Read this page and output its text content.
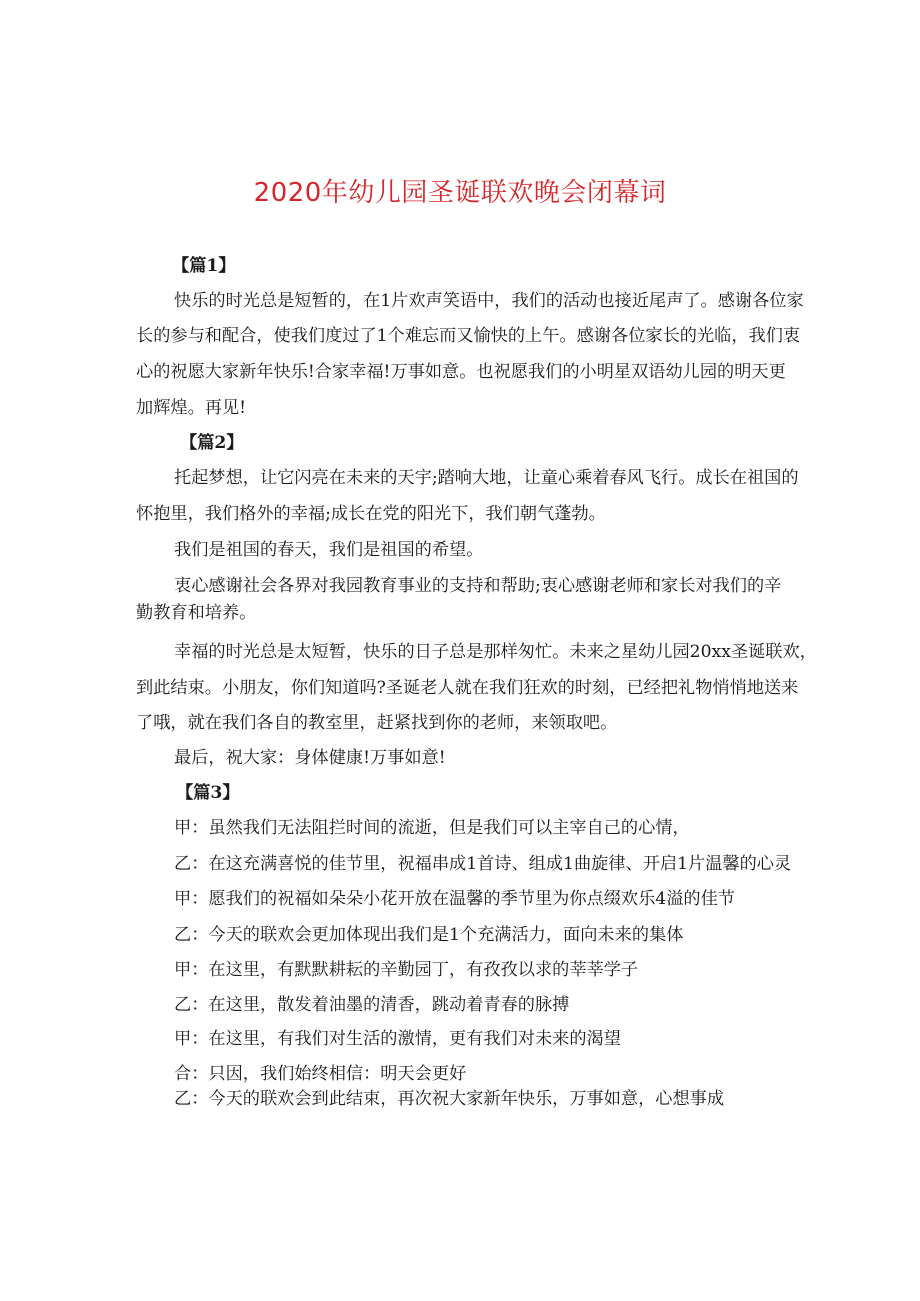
2020年幼儿园圣诞联欢晚会闭幕词
【篇1】
快乐的时光总是短暂的，在1片欢声笑语中，我们的活动也接近尾声了。感谢各位家
长的参与和配合，使我们度过了1个难忘而又愉快的上午。感谢各位家长的光临，我们衷
心的祝愿大家新年快乐!合家幸福!万事如意。也祝愿我们的小明星双语幼儿园的明天更
加辉煌。再见!
【篇2】
托起梦想，让它闪亮在未来的天宇;踏响大地，让童心乘着春风飞行。成长在祖国的
怀抱里，我们格外的幸福;成长在党的阳光下，我们朝气蓬勃。
我们是祖国的春天，我们是祖国的希望。
衷心感谢社会各界对我园教育事业的支持和帮助;衷心感谢老师和家长对我们的辛
勤教育和培养。
幸福的时光总是太短暂，快乐的日子总是那样匆忙。未来之星幼儿园20xx圣诞联欢，
到此结束。小朋友，你们知道吗?圣诞老人就在我们狂欢的时刻，已经把礼物悄悄地送来
了哦，就在我们各自的教室里，赶紧找到你的老师，来领取吧。
最后，祝大家：身体健康!万事如意!
【篇3】
甲：虽然我们无法阻拦时间的流逝，但是我们可以主宰自己的心情，
乙：在这充满喜悦的佳节里，祝福串成1首诗、组成1曲旋律、开启1片温馨的心灵
甲：愿我们的祝福如朵朵小花开放在温馨的季节里为你点缀欢乐4溢的佳节
乙：今天的联欢会更加体现出我们是1个充满活力，面向未来的集体
甲：在这里，有默默耕耘的辛勤园丁，有孜孜以求的莘莘学子
乙：在这里，散发着油墨的清香，跳动着青春的脉搏
甲：在这里，有我们对生活的激情，更有我们对未来的渴望
合：只因，我们始终相信：明天会更好
乙：今天的联欢会到此结束，再次祝大家新年快乐，万事如意，心想事成
